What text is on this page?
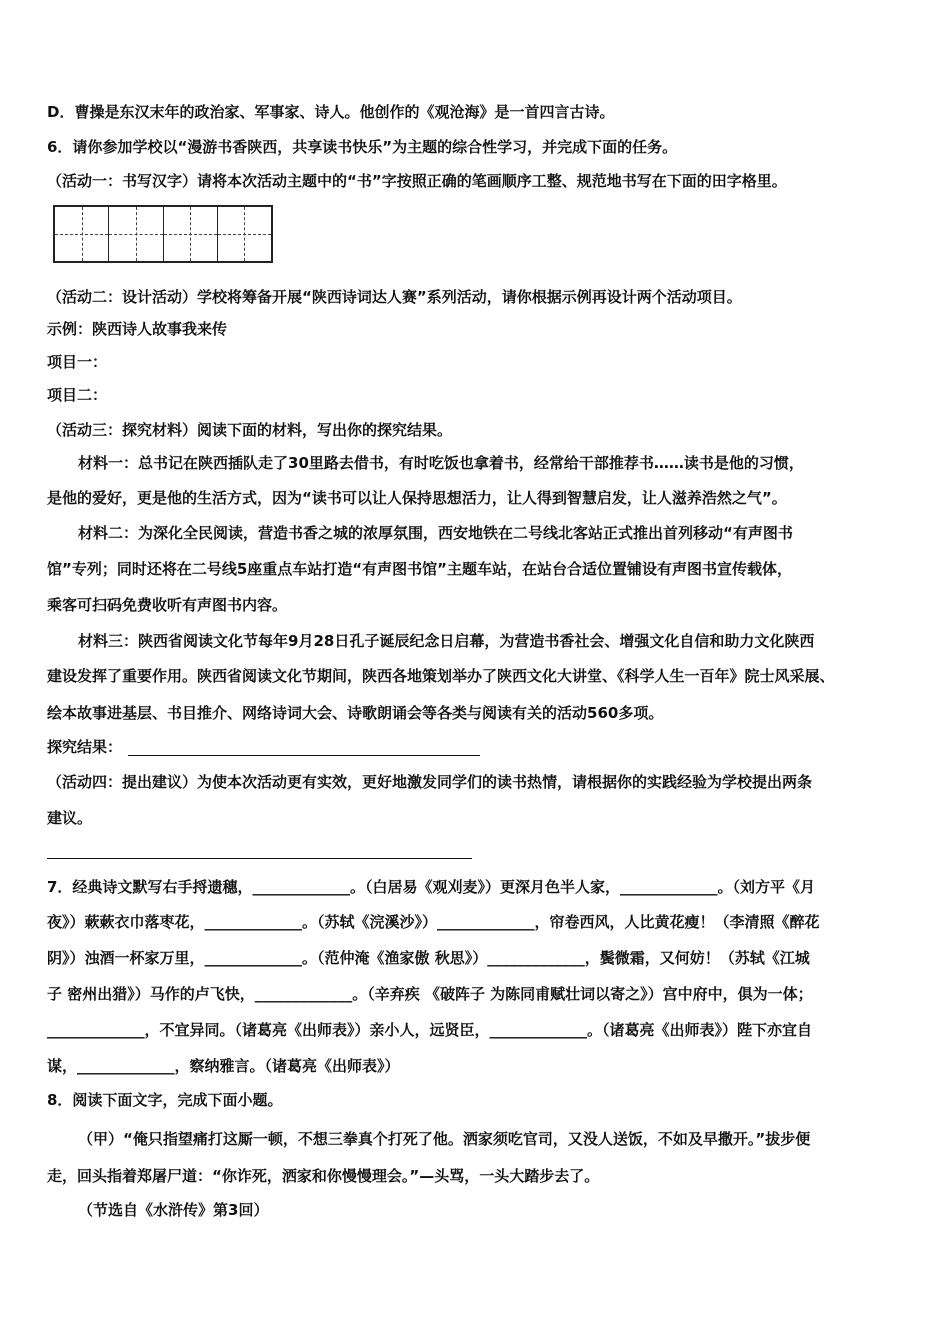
D．曹操是东汉末年的政治家、军事家、诗人。他创作的《观沧海》是一首四言古诗。
6．请你参加学校以“漫游书香陕西，共享读书快乐”为主题的综合性学习，并完成下面的任务。
（活动一：书写汉字）请将本次活动主题中的“书”字按照正确的笔画顺序工整、规范地书写在下面的田字格里。
（活动二：设计活动）学校将筹备开展“陕西诗词达人赛”系列活动，请你根据示例再设计两个活动项目。
示例：陕西诗人故事我来传
项目一：
项目二：
（活动三：探究材料）阅读下面的材料，写出你的探究结果。
材料一：总书记在陕西插队走了30里路去借书，有时吃饭也拿着书，经常给干部推荐书……读书是他的习惯，
是他的爱好，更是他的生活方式，因为“读书可以让人保持思想活力，让人得到智慧启发，让人滋养浩然之气”。
材料二：为深化全民阅读，营造书香之城的浓厚氛围，西安地铁在二号线北客站正式推出首列移动“有声图书
馆”专列；同时还将在二号线5座重点车站打造“有声图书馆”主题车站，在站台合适位置铺设有声图书宣传载体，
乘客可扫码免费收听有声图书内容。
材料三：陕西省阅读文化节每年9月28日孔子诞辰纪念日启幕，为营造书香社会、增强文化自信和助力文化陕西
建设发挥了重要作用。陕西省阅读文化节期间，陕西各地策划举办了陕西文化大讲堂、《科学人生一百年》院士风采展、
绘本故事进基层、书目推介、网络诗词大会、诗歌朗诵会等各类与阅读有关的活动560多项。
探究结果：
（活动四：提出建议）为使本次活动更有实效，更好地激发同学们的读书热情，请根据你的实践经验为学校提出两条
建议。
7．经典诗文默写右手捋遗穗，_____________。（白居易《观刈麦》）更深月色半人家，_____________。（刘方平《月
夜》）蔌蔌衣巾落枣花，_____________。（苏轼《浣溪沙》）_____________，帘卷西风，人比黄花瘦！（李清照《醉花
阴》）浊酒一杯家万里，_____________。（范仲淹《渔家傲 秋思》）_____________，鬓微霜，又何妨！（苏轼《江城
子 密州出猎》）马作的卢飞快，_____________。（辛弃疾 《破阵子 为陈同甫赋壮词以寄之》）宫中府中，俱为一体；
_____________，不宜异同。（诸葛亮《出师表》）亲小人，远贤臣，_____________。（诸葛亮《出师表》）陛下亦宜自
谋，_____________，察纳雅言。（诸葛亮《出师表》）
8．阅读下面文字，完成下面小题。
（甲）“俺只指望痛打这厮一顿，不想三拳真个打死了他。洒家须吃官司，又没人送饭，不如及早撒开。”拔步便
走，回头指着郑屠尸道：“你诈死，洒家和你慢慢理会。”—头骂，一头大踏步去了。
（节选自《水浒传》第3回）
